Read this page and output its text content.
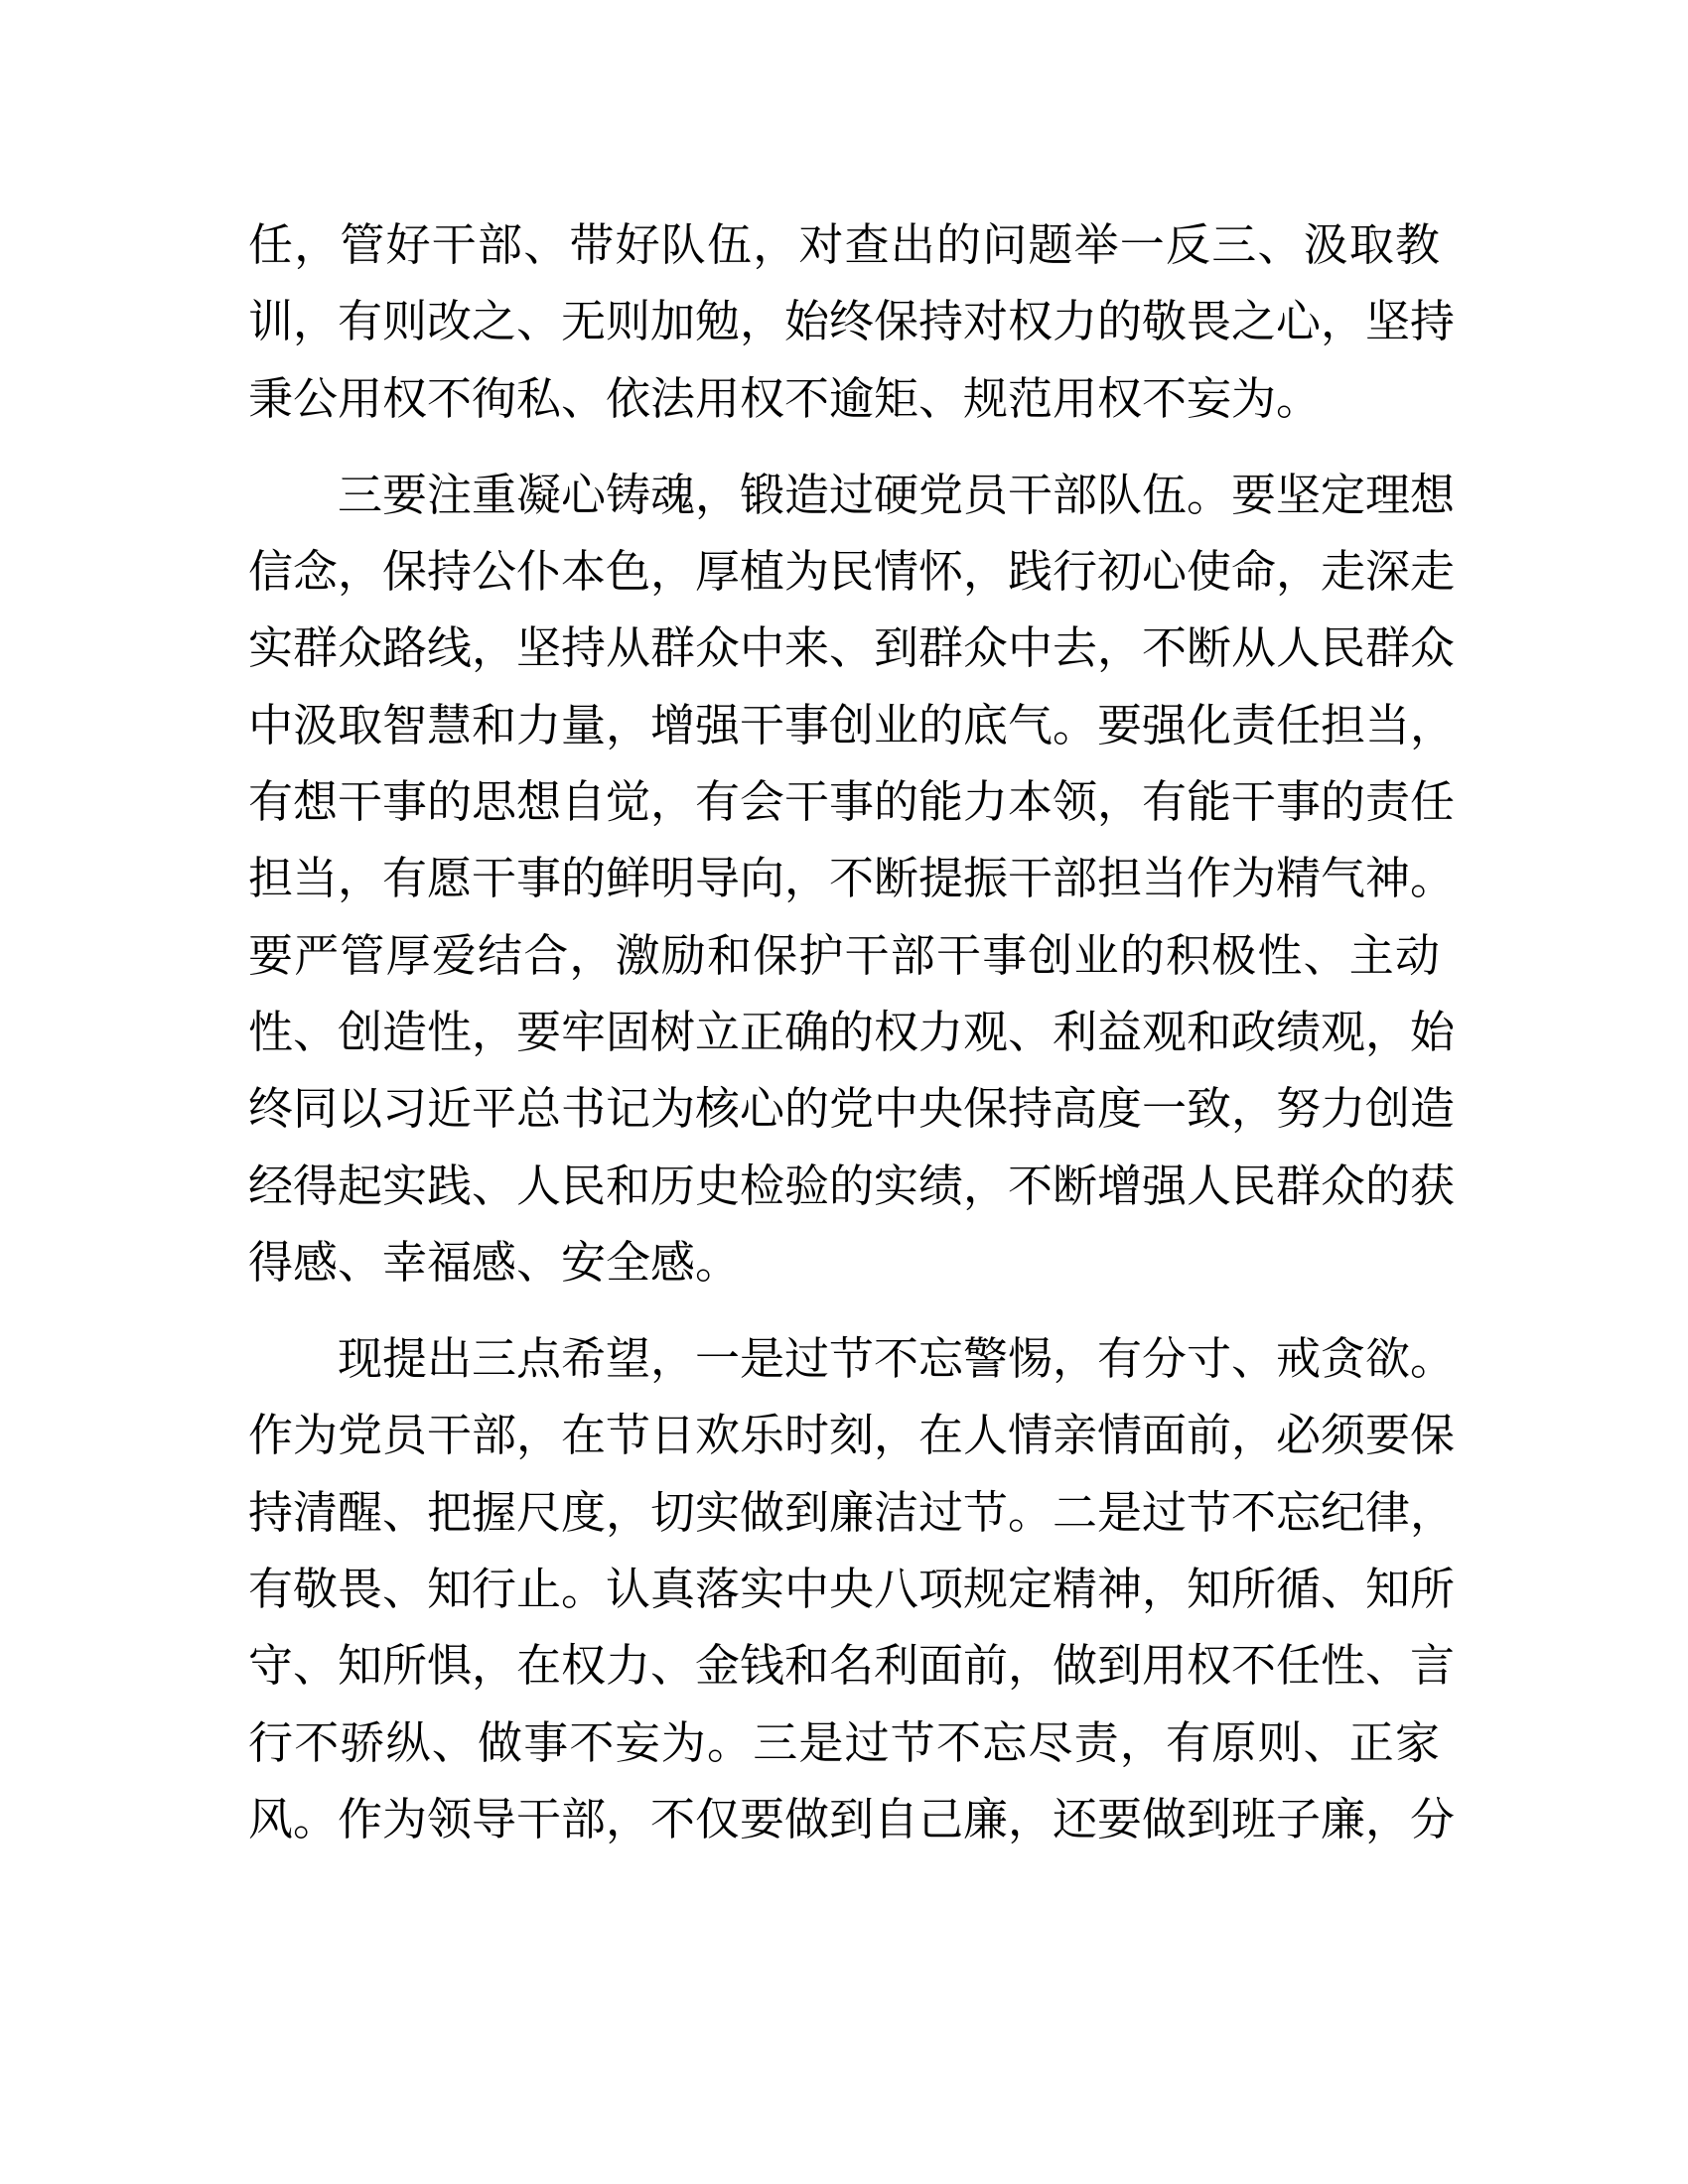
任，管好干部、带好队伍，对查出的问题举一反三、汲取教
训，有则改之、无则加勉，始终保持对权力的敬畏之心，坚持
秉公用权不徇私、依法用权不逾矩、规范用权不妄为。
三要注重凝心铸魂，锻造过硬党员干部队伍。要坚定理想
信念，保持公仆本色，厚植为民情怀，践行初心使命，走深走
实群众路线，坚持从群众中来、到群众中去，不断从人民群众
中汲取智慧和力量，增强干事创业的底气。要强化责任担当，
有想干事的思想自觉，有会干事的能力本领，有能干事的责任
担当，有愿干事的鲜明导向，不断提振干部担当作为精气神。
要严管厚爱结合，激励和保护干部干事创业的积极性、主动
性、创造性，要牢固树立正确的权力观、利益观和政绩观，始
终同以习近平总书记为核心的党中央保持高度一致，努力创造
经得起实践、人民和历史检验的实绩，不断增强人民群众的获
得感、幸福感、安全感。
现提出三点希望，一是过节不忘警惕，有分寸、戒贪欲。
作为党员干部，在节日欢乐时刻，在人情亲情面前，必须要保
持清醒、把握尺度，切实做到廉洁过节。二是过节不忘纪律，
有敬畏、知行止。认真落实中央八项规定精神，知所循、知所
守、知所惧，在权力、金钱和名利面前，做到用权不任性、言
行不骄纵、做事不妄为。三是过节不忘尽责，有原则、正家
风。作为领导干部，不仅要做到自己廉，还要做到班子廉，分
